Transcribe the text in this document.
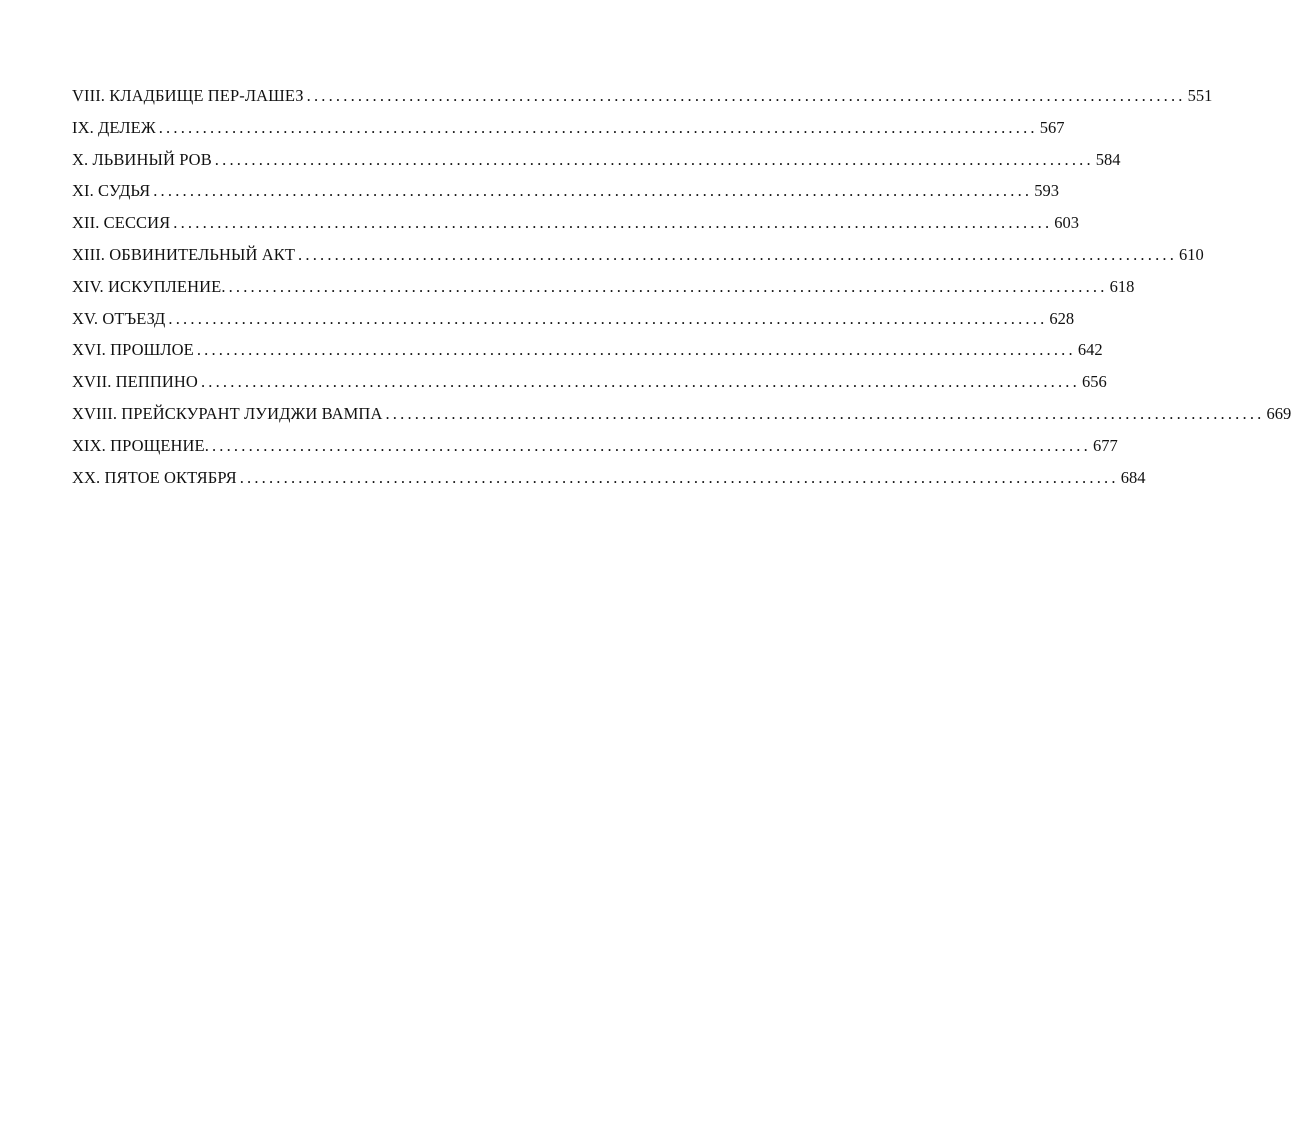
VIII. КЛАДБИЩЕ ПЕР-ЛАШЕЗ ........................................................................................................................ 551
IX. ДЕЛЕЖ ........................................................................................................................ 567
X. ЛЬВИНЫЙ РОВ ........................................................................................................................ 584
XI. СУДЬЯ ........................................................................................................................ 593
XII. СЕССИЯ ........................................................................................................................ 603
XIII. ОБВИНИТЕЛЬНЫЙ АКТ ........................................................................................................................ 610
XIV. ИСКУПЛЕНИЕ. ........................................................................................................................ 618
XV. ОТЪЕЗД ........................................................................................................................ 628
XVI. ПРОШЛОЕ ........................................................................................................................ 642
XVII. ПЕППИНО ........................................................................................................................ 656
XVIII. ПРЕЙСКУРАНТ ЛУИДЖИ ВАМПА ........................................................................................................................ 669
XIX. ПРОЩЕНИЕ. ........................................................................................................................ 677
XX. ПЯТОЕ ОКТЯБРЯ ........................................................................................................................ 684
